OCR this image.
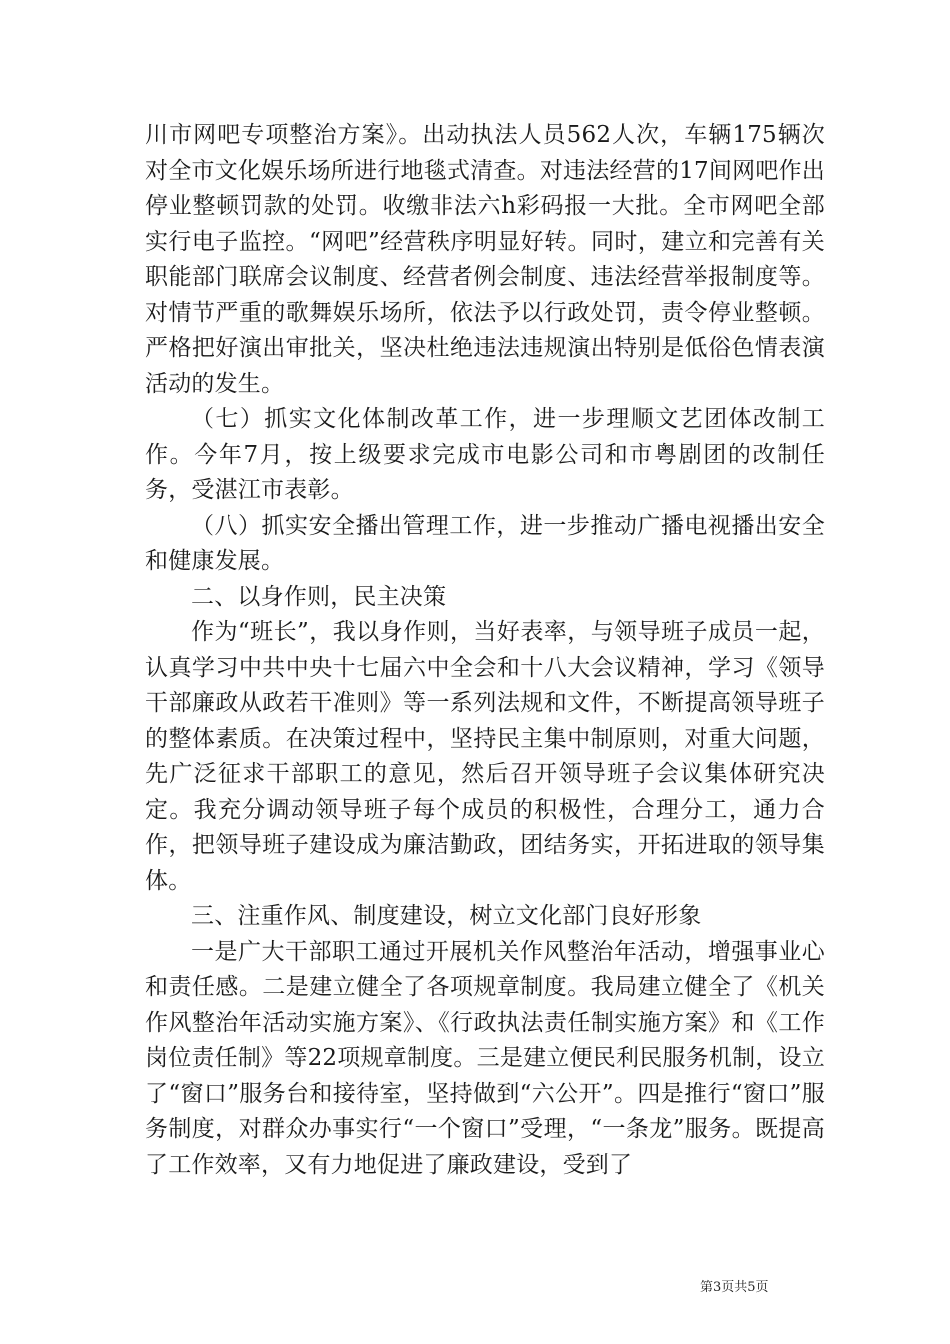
川市网吧专项整治方案》。出动执法人员562人次，车辆175辆次对全市文化娱乐场所进行地毯式清查。对违法经营的17间网吧作出停业整顿罚款的处罚。收缴非法六h彩码报一大批。全市网吧全部实行电子监控。“网吧”经营秩序明显好转。同时，建立和完善有关职能部门联席会议制度、经营者例会制度、违法经营举报制度等。对情节严重的歌舞娱乐场所，依法予以行政处罚，责令停业整顿。严格把好演出审批关，坚决杜绝违法违规演出特别是低俗色情表演活动的发生。

（七）抓实文化体制改革工作，进一步理顺文艺团体改制工作。今年7月，按上级要求完成市电影公司和市粤剧团的改制任务，受湛江市表彰。

（八）抓实安全播出管理工作，进一步推动广播电视播出安全和健康发展。

二、以身作则，民主决策

作为“班长”，我以身作则，当好表率，与领导班子成员一起，认真学习中共中央十七届六中全会和十八大会议精神，学习《领导干部廉政从政若干准则》等一系列法规和文件，不断提高领导班子的整体素质。在决策过程中，坚持民主集中制原则，对重大问题，先广泛征求干部职工的意见，然后召开领导班子会议集体研究决定。我充分调动领导班子每个成员的积极性，合理分工，通力合作，把领导班子建设成为廉洁勤政，团结务实，开拓进取的领导集体。

三、注重作风、制度建设，树立文化部门良好形象

一是广大干部职工通过开展机关作风整治年活动，增强事业心和责任感。二是建立健全了各项规章制度。我局建立健全了《机关作风整治年活动实施方案》、《行政执法责任制实施方案》和《工作岗位责任制》等22项规章制度。三是建立便民利民服务机制，设立了“窗口”服务台和接待室，坚持做到“六公开”。四是推行“窗口”服务制度，对群众办事实行“一个窗口”受理，“一条龙”服务。既提高了工作效率，又有力地促进了廉政建设，受到了

第3页共5页
